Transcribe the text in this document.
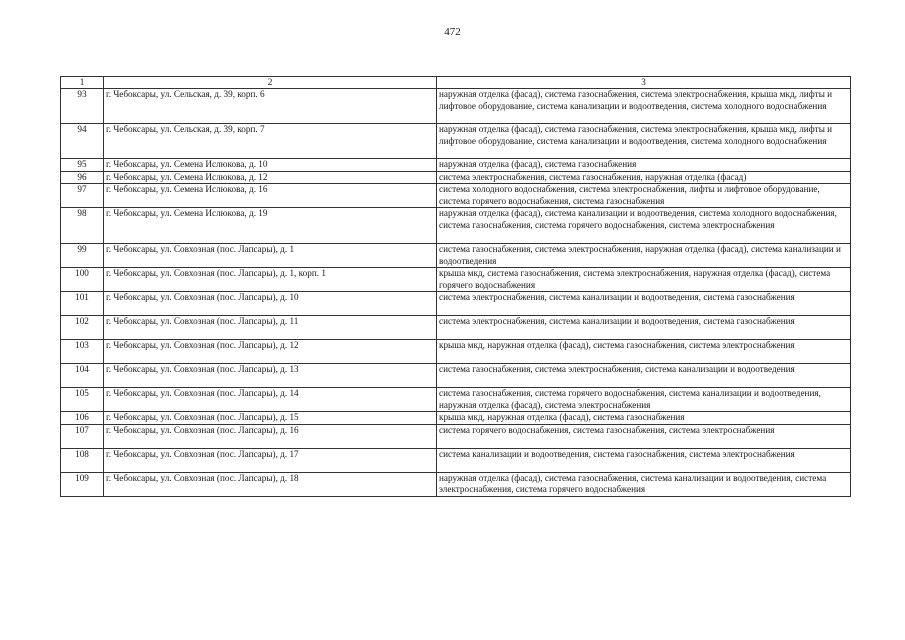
472
1	2	3
93	г. Чебоксары, ул. Сельская, д. 39, корп. 6	наружная отделка (фасад), система газоснабжения, система электроснабжения, крыша мкд, лифты и лифтовое оборудование, система канализации и водоотведения, система холодного водоснабжения
94	г. Чебоксары, ул. Сельская, д. 39, корп. 7	наружная отделка (фасад), система газоснабжения, система электроснабжения, крыша мкд, лифты и лифтовое оборудование, система канализации и водоотведения, система холодного водоснабжения
95	г. Чебоксары, ул. Семена Ислюкова, д. 10	наружная отделка (фасад), система газоснабжения
96	г. Чебоксары, ул. Семена Ислюкова, д. 12	система электроснабжения, система газоснабжения, наружная отделка (фасад)
97	г. Чебоксары, ул. Семена Ислюкова, д. 16	система холодного водоснабжения, система электроснабжения, лифты и лифтовое оборудование, система горячего водоснабжения, система газоснабжения
98	г. Чебоксары, ул. Семена Ислюкова, д. 19	наружная отделка (фасад), система канализации и водоотведения, система холодного водоснабжения, система газоснабжения, система горячего водоснабжения, система электроснабжения
99	г. Чебоксары, ул. Совхозная (пос. Лапсары), д. 1	система газоснабжения, система электроснабжения, наружная отделка (фасад), система канализации и водоотведения
100	г. Чебоксары, ул. Совхозная (пос. Лапсары), д. 1, корп. 1	крыша мкд, система газоснабжения, система электроснабжения, наружная отделка (фасад), система горячего водоснабжения
101	г. Чебоксары, ул. Совхозная (пос. Лапсары), д. 10	система электроснабжения, система канализации и водоотведения, система газоснабжения
102	г. Чебоксары, ул. Совхозная (пос. Лапсары), д. 11	система электроснабжения, система канализации и водоотведения, система газоснабжения
103	г. Чебоксары, ул. Совхозная (пос. Лапсары), д. 12	крыша мкд, наружная отделка (фасад), система газоснабжения, система электроснабжения
104	г. Чебоксары, ул. Совхозная (пос. Лапсары), д. 13	система газоснабжения, система электроснабжения, система канализации и водоотведения
105	г. Чебоксары, ул. Совхозная (пос. Лапсары), д. 14	система газоснабжения, система горячего водоснабжения, система канализации и водоотведения, наружная отделка (фасад), система электроснабжения
106	г. Чебоксары, ул. Совхозная (пос. Лапсары), д. 15	крыша мкд, наружная отделка (фасад), система газоснабжения
107	г. Чебоксары, ул. Совхозная (пос. Лапсары), д. 16	система горячего водоснабжения, система газоснабжения, система электроснабжения
108	г. Чебоксары, ул. Совхозная (пос. Лапсары), д. 17	система канализации и водоотведения, система газоснабжения, система электроснабжения
109	г. Чебоксары, ул. Совхозная (пос. Лапсары), д. 18	наружная отделка (фасад), система газоснабжения, система канализации и водоотведения, система электроснабжения, система горячего водоснабжения
